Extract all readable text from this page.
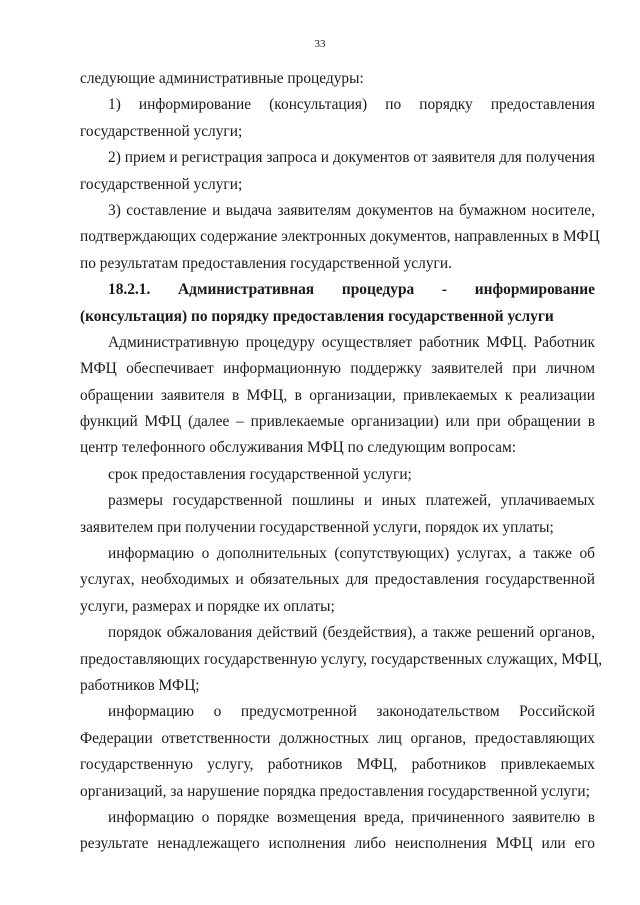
33
следующие административные процедуры:
1) информирование (консультация) по порядку предоставления
государственной услуги;
2) прием и регистрация запроса и документов от заявителя для получения
государственной услуги;
3) составление и выдача заявителям документов на бумажном носителе,
подтверждающих содержание электронных документов, направленных в МФЦ
по результатам предоставления государственной услуги.
18.2.1. Административная процедура - информирование
(консультация) по порядку предоставления государственной услуги
Административную процедуру осуществляет работник МФЦ. Работник
МФЦ обеспечивает информационную поддержку заявителей при личном
обращении заявителя в МФЦ, в организации, привлекаемых к реализации
функций МФЦ (далее – привлекаемые организации) или при обращении в
центр телефонного обслуживания МФЦ по следующим вопросам:
срок предоставления государственной услуги;
размеры государственной пошлины и иных платежей, уплачиваемых
заявителем при получении государственной услуги, порядок их уплаты;
информацию о дополнительных (сопутствующих) услугах, а также об
услугах, необходимых и обязательных для предоставления государственной
услуги, размерах и порядке их оплаты;
порядок обжалования действий (бездействия), а также решений органов,
предоставляющих государственную услугу, государственных служащих, МФЦ,
работников МФЦ;
информацию о предусмотренной законодательством Российской
Федерации ответственности должностных лиц органов, предоставляющих
государственную услугу, работников МФЦ, работников привлекаемых
организаций, за нарушение порядка предоставления государственной услуги;
информацию о порядке возмещения вреда, причиненного заявителю в
результате ненадлежащего исполнения либо неисполнения МФЦ или его
